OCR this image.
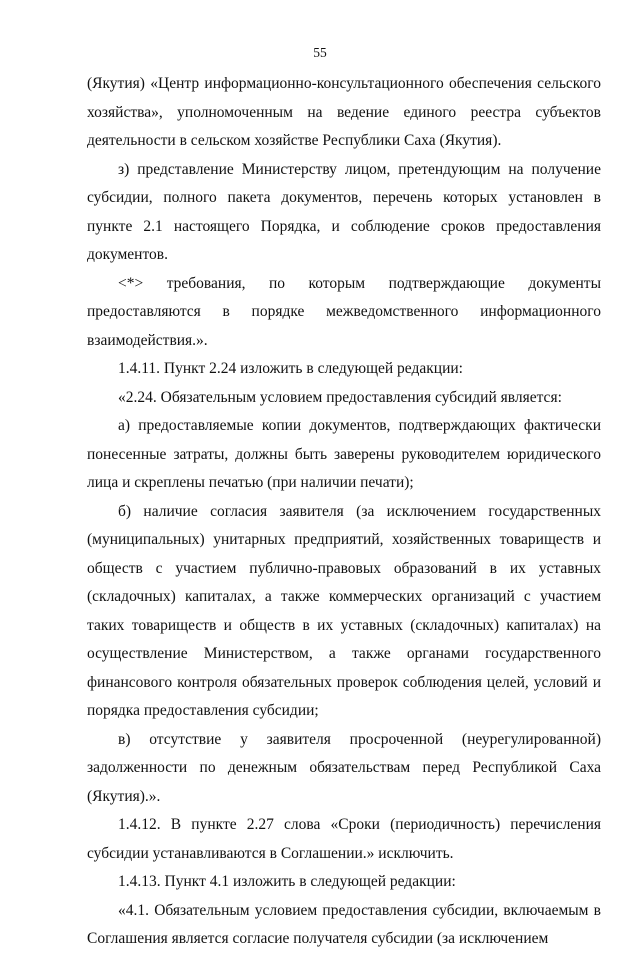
55

(Якутия) «Центр информационно-консультационного обеспечения сельского хозяйства», уполномоченным на ведение единого реестра субъектов деятельности в сельском хозяйстве Республики Саха (Якутия).

з) представление Министерству лицом, претендующим на получение субсидии, полного пакета документов, перечень которых установлен в пункте 2.1 настоящего Порядка, и соблюдение сроков предоставления документов.

<*> требования, по которым подтверждающие документы предоставляются в порядке межведомственного информационного взаимодействия.».

1.4.11. Пункт 2.24 изложить в следующей редакции:

«2.24. Обязательным условием предоставления субсидий является:

а) предоставляемые копии документов, подтверждающих фактически понесенные затраты, должны быть заверены руководителем юридического лица и скреплены печатью (при наличии печати);

б) наличие согласия заявителя (за исключением государственных (муниципальных) унитарных предприятий, хозяйственных товариществ и обществ с участием публично-правовых образований в их уставных (складочных) капиталах, а также коммерческих организаций с участием таких товариществ и обществ в их уставных (складочных) капиталах) на осуществление Министерством, а также органами государственного финансового контроля обязательных проверок соблюдения целей, условий и порядка предоставления субсидии;

в) отсутствие у заявителя просроченной (неурегулированной) задолженности по денежным обязательствам перед Республикой Саха (Якутия).».

1.4.12. В пункте 2.27 слова «Сроки (периодичность) перечисления субсидии устанавливаются в Соглашении.» исключить.

1.4.13. Пункт 4.1 изложить в следующей редакции:

«4.1. Обязательным условием предоставления субсидии, включаемым в Соглашения является согласие получателя субсидии (за исключением
